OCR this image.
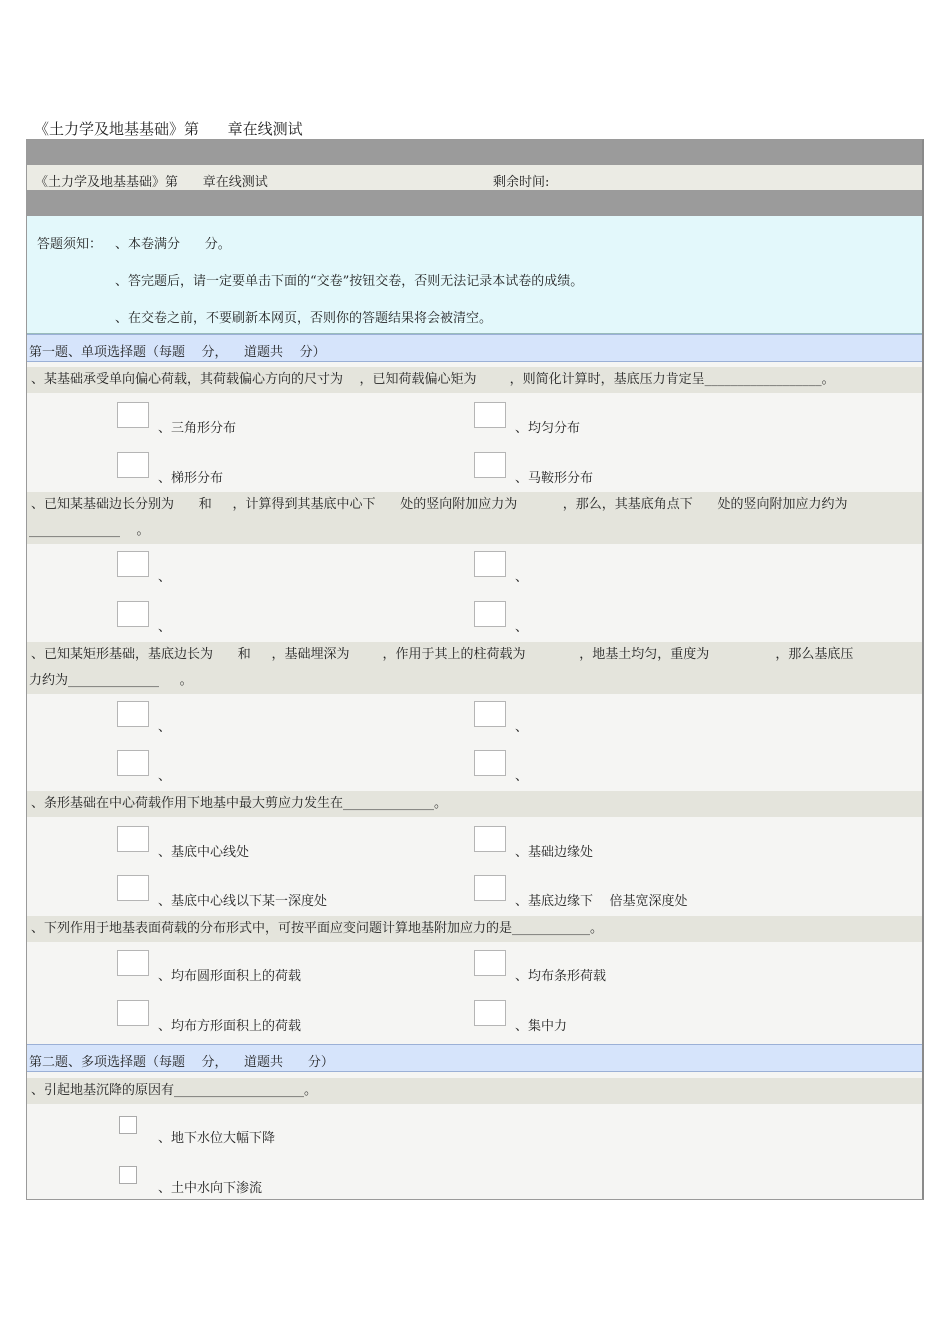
《土力学及地基基础》第      章在线测试
《土力学及地基基础》第      章在线测试	剩余时间:
答题须知： 、本卷满分      分。
、答完题后，请一定要单击下面的“交卷”按钮交卷，否则无法记录本试卷的成绩。
、在交卷之前，不要刷新本网页，否则你的答题结果将会被清空。
第一题、单项选择题（每题    分，    道题共    分）
、某基础承受单向偏心荷载，其荷载偏心方向的尺寸为    ，已知荷载偏心矩为        ，则简化计算时，基底压力肯定呈__________________。
、三角形分布	、均匀分布
、梯形分布	、马鞍形分布
、已知某基础边长分别为      和     ，计算得到其基底中心下      处的竖向附加应力为           ，那么，其基底角点下      处的竖向附加应力约为
______________    。
、	、
、	、
、已知某矩形基础，基底边长为      和     ，基础埋深为        ，作用于其上的柱荷载为             ，地基土均匀，重度为                ，那么基底压
力约为______________     。
、	、
、	、
、条形基础在中心荷载作用下地基中最大剪应力发生在______________。
、基底中心线处	、基础边缘处
、基底中心线以下某一深度处	、基底边缘下    倍基宽深度处
、下列作用于地基表面荷载的分布形式中，可按平面应变问题计算地基附加应力的是____________。
、均布圆形面积上的荷载	、均布条形荷载
、均布方形面积上的荷载	、集中力
第二题、多项选择题（每题    分，    道题共      分）
、引起地基沉降的原因有____________________。
、地下水位大幅下降
、土中水向下渗流
